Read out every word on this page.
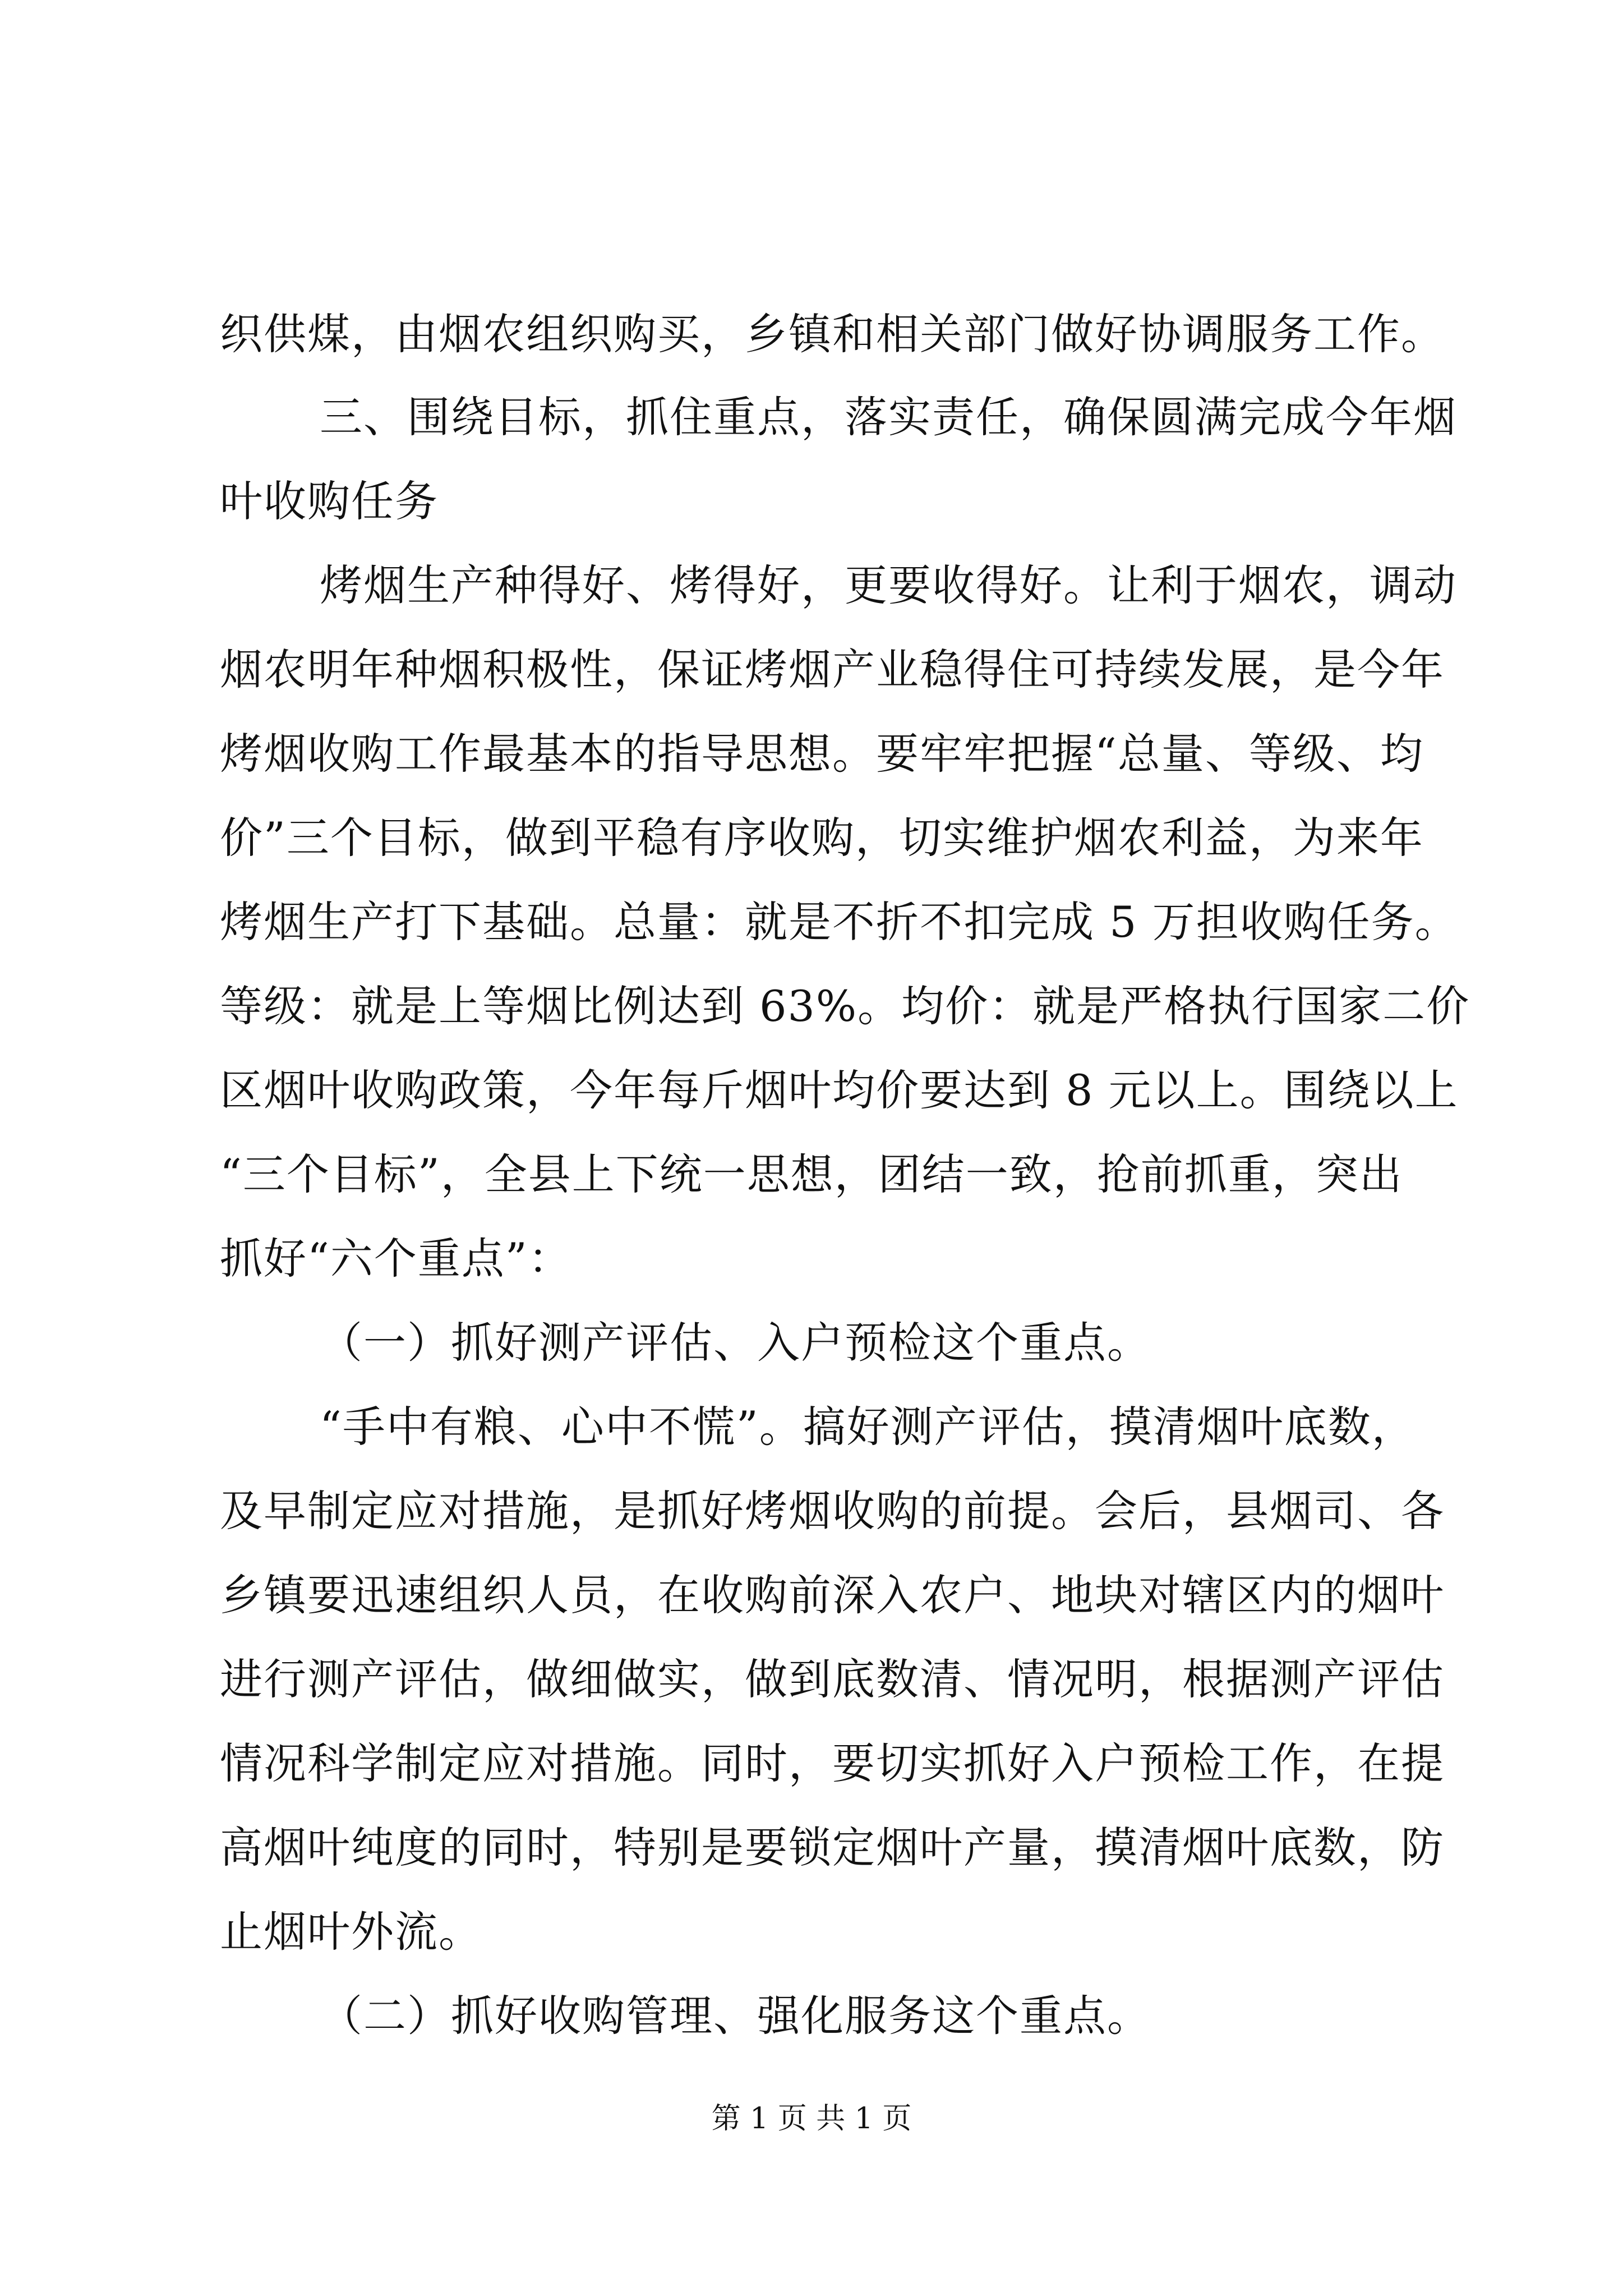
织供煤，由烟农组织购买，乡镇和相关部门做好协调服务工作。
三、围绕目标，抓住重点，落实责任，确保圆满完成今年烟
叶收购任务
烤烟生产种得好、烤得好，更要收得好。让利于烟农，调动
烟农明年种烟积极性，保证烤烟产业稳得住可持续发展，是今年
烤烟收购工作最基本的指导思想。要牢牢把握“总量、等级、均
价”三个目标，做到平稳有序收购，切实维护烟农利益，为来年
烤烟生产打下基础。总量：就是不折不扣完成 5 万担收购任务。
等级：就是上等烟比例达到 63%。均价：就是严格执行国家二价
区烟叶收购政策，今年每斤烟叶均价要达到 8 元以上。围绕以上
“三个目标”，全县上下统一思想，团结一致，抢前抓重，突出
抓好“六个重点”：
（一）抓好测产评估、入户预检这个重点。
“手中有粮、心中不慌”。搞好测产评估，摸清烟叶底数，
及早制定应对措施，是抓好烤烟收购的前提。会后，县烟司、各
乡镇要迅速组织人员，在收购前深入农户、地块对辖区内的烟叶
进行测产评估，做细做实，做到底数清、情况明，根据测产评估
情况科学制定应对措施。同时，要切实抓好入户预检工作，在提
高烟叶纯度的同时，特别是要锁定烟叶产量，摸清烟叶底数，防
止烟叶外流。
（二）抓好收购管理、强化服务这个重点。
第 1 页 共 1 页
